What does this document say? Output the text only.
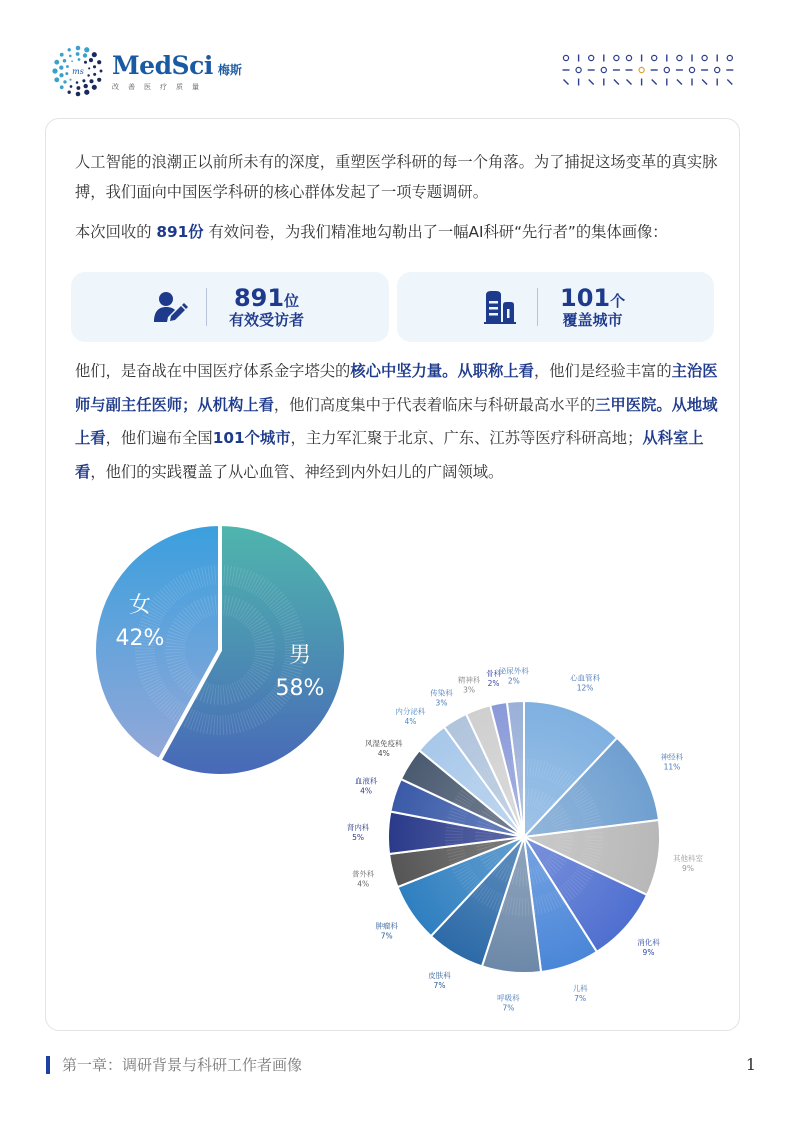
ms MedSci 梅斯
改善医疗质量

人工智能的浪潮正以前所未有的深度，重塑医学科研的每一个角落。为了捕捉这场变革的真实脉搏，我们面向中国医学科研的核心群体发起了一项专题调研。

本次回收的 891份 有效问卷，为我们精准地勾勒出了一幅AI科研“先行者”的集体画像：

891位
有效受访者
101个
覆盖城市

他们，是奋战在中国医疗体系金字塔尖的核心中坚力量。从职称上看，他们是经验丰富的主治医师与副主任医师；从机构上看，他们高度集中于代表着临床与科研最高水平的三甲医院。从地域上看，他们遍布全国101个城市，主力军汇聚于北京、广东、江苏等医疗科研高地；从科室上看，他们的实践覆盖了从心血管、神经到内外妇儿的广阔领域。

男
58%
女
42%
心血管科
12%
神经科
11%
其他科室
9%
消化科
9%
儿科
7%
呼吸科
7%
皮肤科
7%
肿瘤科
7%
普外科
4%
肾内科
5%
血液科
4%
风湿免疫科
4%
内分泌科
4%
传染科
3%
精神科
3%
骨科
2%
泌尿外科
2%
第一章：调研背景与科研工作者画像	1
